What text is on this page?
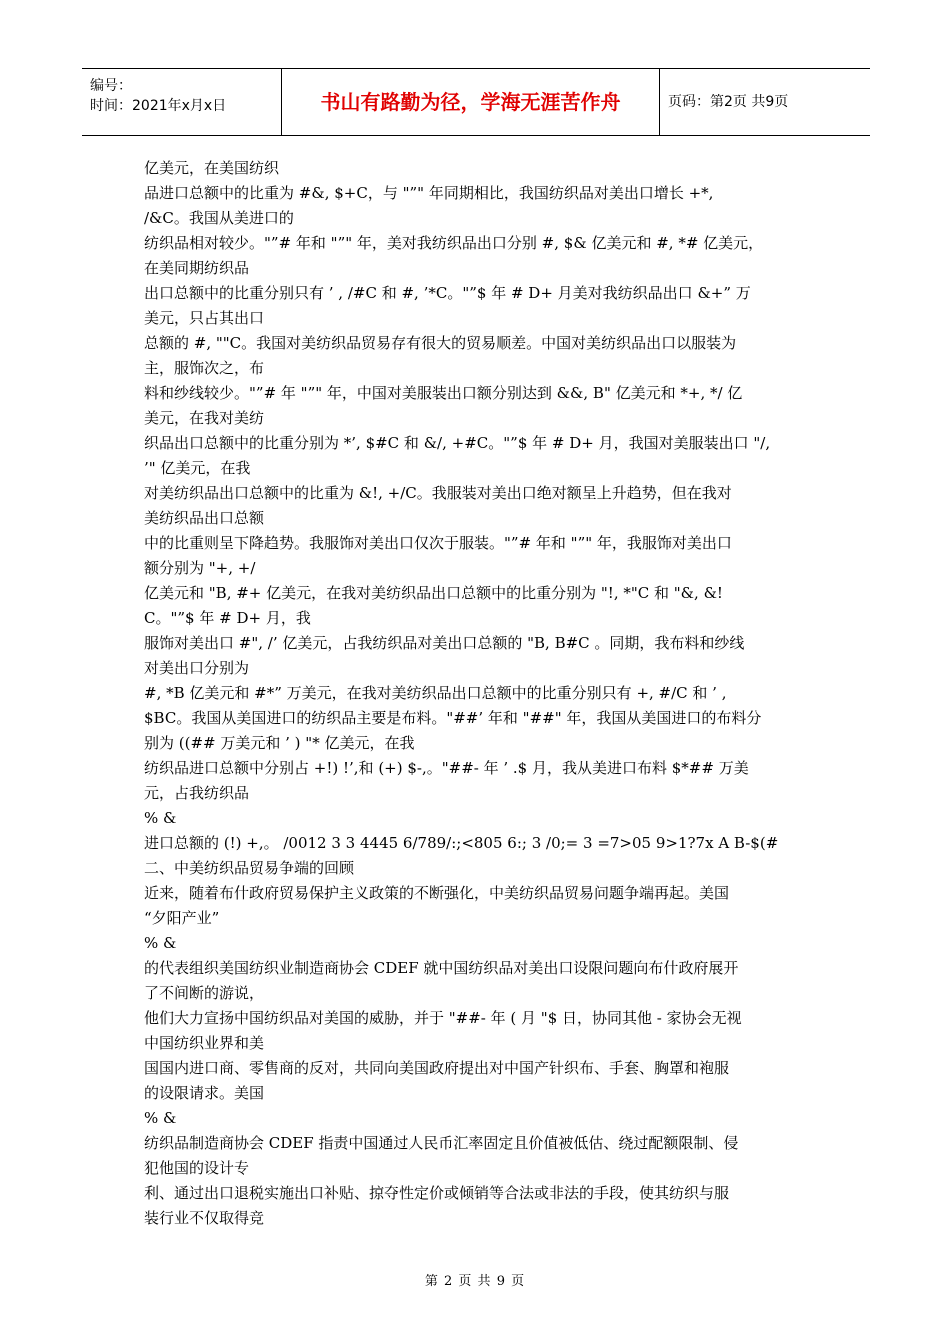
编号：
时间：2021年x月x日	书山有路勤为径，学海无涯苦作舟	页码：第2页 共9页

亿美元，在美国纺织

品进口总额中的比重为 #&, $+C，与 "”" 年同期相比，我国纺织品对美出口增长 +*,

/&C。我国从美进口的

纺织品相对较少。"”# 年和 "”" 年，美对我纺织品出口分别 #, $& 亿美元和 #, *# 亿美元，

在美同期纺织品

出口总额中的比重分别只有 ’ , /#C 和 #, ’*C。"”$ 年 # D+ 月美对我纺织品出口 &+” 万

美元，只占其出口

总额的 #, ""C。我国对美纺织品贸易存有很大的贸易顺差。中国对美纺织品出口以服装为

主，服饰次之，布

料和纱线较少。"”# 年 "”" 年，中国对美服装出口额分别达到 &&, B" 亿美元和 *+, */ 亿

美元，在我对美纺

织品出口总额中的比重分别为 *’, $#C 和 &/, +#C。"”$ 年 # D+ 月，我国对美服装出口 "/,

’" 亿美元，在我

对美纺织品出口总额中的比重为 &!, +/C。我服装对美出口绝对额呈上升趋势，但在我对

美纺织品出口总额

中的比重则呈下降趋势。我服饰对美出口仅次于服装。"”# 年和 "”" 年，我服饰对美出口

额分别为 "+, +/

亿美元和 "B, #+ 亿美元，在我对美纺织品出口总额中的比重分别为 "!, *"C 和 "&, &!

C。"”$ 年 # D+ 月，我

服饰对美出口 #", /’ 亿美元，占我纺织品对美出口总额的 "B, B#C 。同期，我布料和纱线

对美出口分别为

#, *B 亿美元和 #*” 万美元，在我对美纺织品出口总额中的比重分别只有 +, #/C 和 ’ ,

$BC。我国从美国进口的纺织品主要是布料。"##’ 年和 "##" 年，我国从美国进口的布料分

别为 ((## 万美元和 ’ ) "* 亿美元，在我

纺织品进口总额中分别占 +!) !’,和 (+) $-,。"##- 年 ’ .$ 月，我从美进口布料 $*## 万美

元，占我纺织品

% &

进口总额的 (!) +,。 /0012 3 3 4445 6/789/:;<805 6:; 3 /0;= 3 =7>05 9>1?7x A B-$(#

二、中美纺织品贸易争端的回顾

近来，随着布什政府贸易保护主义政策的不断强化，中美纺织品贸易问题争端再起。美国

“夕阳产业”

% &

的代表组织美国纺织业制造商协会 CDEF 就中国纺织品对美出口设限问题向布什政府展开

了不间断的游说，

他们大力宣扬中国纺织品对美国的威胁，并于 "##- 年 ( 月 "$ 日，协同其他 - 家协会无视

中国纺织业界和美

国国内进口商、零售商的反对，共同向美国政府提出对中国产针织布、手套、胸罩和袍服

的设限请求。美国

% &

纺织品制造商协会 CDEF 指责中国通过人民币汇率固定且价值被低估、绕过配额限制、侵

犯他国的设计专

利、通过出口退税实施出口补贴、掠夺性定价或倾销等合法或非法的手段，使其纺织与服

装行业不仅取得竞

第 2 页 共 9 页
